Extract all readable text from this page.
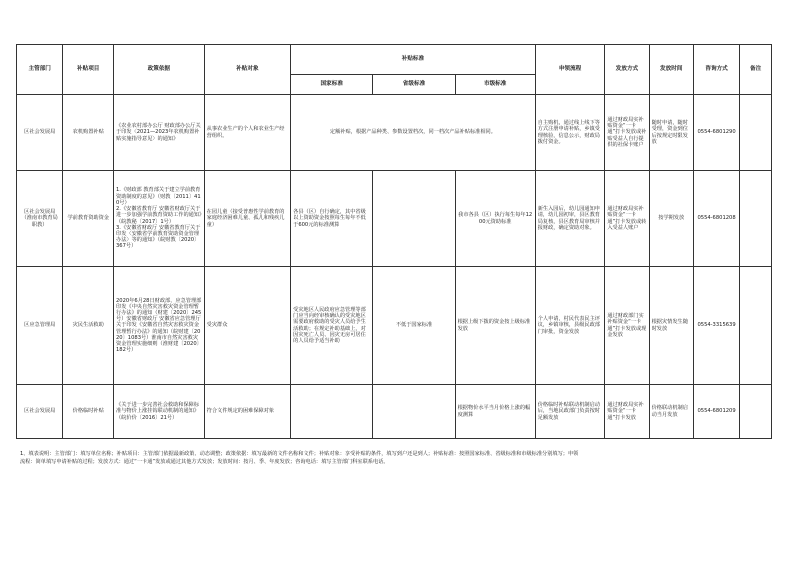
主管部门	补贴项目	政策依据	补贴对象	补贴标准			申领流程	发放方式	发放时间	咨询方式	备注
				国家标准	省级标准	市级标准					
区社会发展局	农机购置补贴	《农业农村部办公厅 财政部办公厅关于印发〈2021—2023年农机购置补贴实施指导意见〉的通知》	从事农业生产的个人和农业生产经营组织。	定额补贴，根据产品种类、参数设置档次，同一档次产品补贴标准相同。			自主购机，通过线上线下等方式注册申请补贴，乡镇受理核验，信息公示，财政局拨付资金。	通过财政局实补贴资金“一卡通”打卡发放或补贴受益人自行提供的社保卡账户	随时申请，随时受理，资金到位后按规定时限发放	0554-6801290	
区社会发展局（淮南市教育局职教）	学前教育资助资金	1.《财政部 教育部关于建立学前教育资助制度的意见》（财教〔2011〕410号）
2.《安徽省教育厅 安徽省财政厅关于进一步加强学前教育资助工作的通知》（皖教秘〔2017〕1号）
3.《安徽省财政厅 安徽省教育厅关于印发〈安徽省学前教育资助资金管理办法〉等的通知》（皖财教〔2020〕367号）	在园儿童（接受普惠性学前教育的家庭经济困难儿童、孤儿和残疾儿童）	各县（区）自行确定，其中省级以上资助资金按照每生每年不低于600元的标准测算		我市各县（区）执行每生每年1200元资助标准	新生入园后，幼儿园通知申请，幼儿园初审，县区教育局复核，县区教育局审核并报财政，确定资助对象。	通过财政局实补贴资金“一卡通”打卡发放或转入受益人账户	按学期发放	0554-6801208	
区应急管理局	灾民生活救助	2020年6月28日财政部、应急管理部印发《中央自然灾害救灾资金管理暂行办法》的通知（财建〔2020〕245号）安徽省财政厅 安徽省应急管理厅关于印发《安徽省自然灾害救灾资金管理暂行办法》的通知（皖财建〔2020〕1083号）淮南市自然灾害救灾资金管理实施细则（淮财建〔2020〕182号）	受灾群众	受灾地区人民政府应急管理等部门应当向经审核确认的受灾地区需要政府救助的受灾人员给予生活救助；在规定补助基础上，对因灾死亡人员、因灾无房可居住的人员给予适当补助	不低于国家标准	根据上级下拨的资金按上级标准发放	个人申请，村民代表民主评议，乡镇审核，县级民政部门审批，资金发放	通过财政部门实补贴资金“一卡通”打卡发放或现金发放	根据灾情发生随时发放	0554-3315639	
区社会发展局	价格临时补贴	《关于进一步完善社会救助和保障标准与物价上涨挂钩联动机制的通知》（皖价价〔2016〕21号）	符合文件规定的困难保障对象			根据物价水平当月价格上涨的幅度测算	价格临时补贴联动机制启动后，当地民政部门负责按时足额发放	通过财政局实补贴资金“一卡通”打卡发放	价格联动机制启动当月发放	0554-6801209	
1、填表说明：主管部门：填写单位名称；补贴项目：主管部门依据最新政策、动态调整；政策依据：填写最新的文件名称和文件；补贴对象：享受补贴的条件，填写到户还是到人；补贴标准：按照国家标准、省级标准和市级标准分别填写；申领
流程：简单填写申请补贴的过程；发放方式：通过“一卡通”发放或通过其他方式发放；发放时间：按月、季、年度发放；咨询电话：填写主管部门科室联系电话。
